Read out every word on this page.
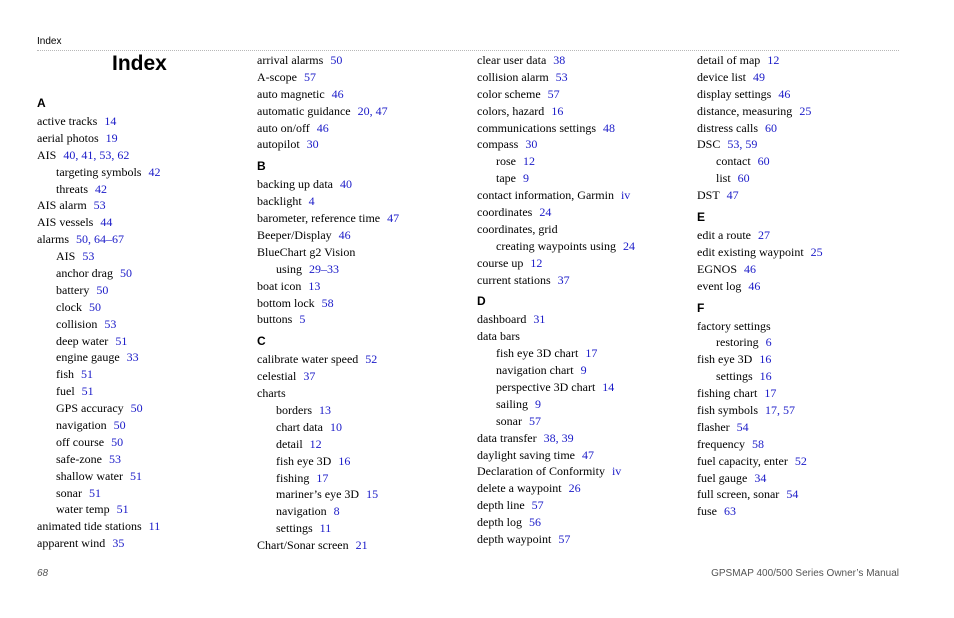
Index
Index
A
active tracks 14
aerial photos 19
AIS 40, 41, 53, 62
targeting symbols 42
threats 42
AIS alarm 53
AIS vessels 44
alarms 50, 64–67
AIS 53
anchor drag 50
battery 50
clock 50
collision 53
deep water 51
engine gauge 33
fish 51
fuel 51
GPS accuracy 50
navigation 50
off course 50
safe-zone 53
shallow water 51
sonar 51
water temp 51
animated tide stations 11
apparent wind 35
arrival alarms 50
A-scope 57
auto magnetic 46
automatic guidance 20, 47
auto on/off 46
autopilot 30
B
backing up data 40
backlight 4
barometer, reference time 47
Beeper/Display 46
BlueChart g2 Vision
using 29–33
boat icon 13
bottom lock 58
buttons 5
C
calibrate water speed 52
celestial 37
charts
borders 13
chart data 10
detail 12
fish eye 3D 16
fishing 17
mariner’s eye 3D 15
navigation 8
settings 11
Chart/Sonar screen 21
clear user data 38
collision alarm 53
color scheme 57
colors, hazard 16
communications settings 48
compass 30
rose 12
tape 9
contact information, Garmin iv
coordinates 24
coordinates, grid
creating waypoints using 24
course up 12
current stations 37
D
dashboard 31
data bars
fish eye 3D chart 17
navigation chart 9
perspective 3D chart 14
sailing 9
sonar 57
data transfer 38, 39
daylight saving time 47
Declaration of Conformity iv
delete a waypoint 26
depth line 57
depth log 56
depth waypoint 57
detail of map 12
device list 49
display settings 46
distance, measuring 25
distress calls 60
DSC 53, 59
contact 60
list 60
DST 47
E
edit a route 27
edit existing waypoint 25
EGNOS 46
event log 46
F
factory settings
restoring 6
fish eye 3D 16
settings 16
fishing chart 17
fish symbols 17, 57
flasher 54
frequency 58
fuel capacity, enter 52
fuel gauge 34
full screen, sonar 54
fuse 63
68	GPSMAP 400/500 Series Owner’s Manual
